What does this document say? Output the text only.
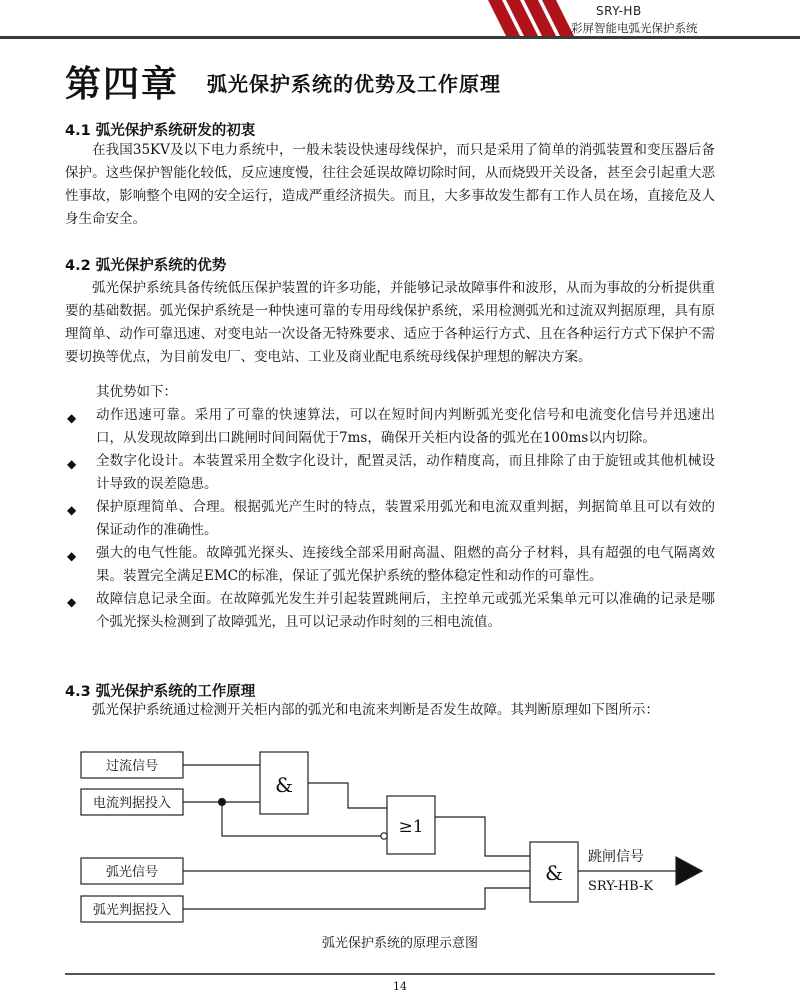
SRY-HB
彩屏智能电弧光保护系统
第四章 弧光保护系统的优势及工作原理
4.1 弧光保护系统研发的初衷

在我国35KV及以下电力系统中，一般未装设快速母线保护，而只是采用了简单的消弧装置和变压器后备保护。这些保护智能化较低，反应速度慢，往往会延误故障切除时间，从而烧毁开关设备，甚至会引起重大恶性事故，影响整个电网的安全运行，造成严重经济损失。而且，大多事故发生都有工作人员在场，直接危及人身生命安全。

4.2 弧光保护系统的优势

弧光保护系统具备传统低压保护装置的许多功能，并能够记录故障事件和波形，从而为事故的分析提供重要的基础数据。弧光保护系统是一种快速可靠的专用母线保护系统，采用检测弧光和过流双判据原理，具有原理简单、动作可靠迅速、对变电站一次设备无特殊要求、适应于各种运行方式、且在各种运行方式下保护不需要切换等优点，为目前发电厂、变电站、工业及商业配电系统母线保护理想的解决方案。

其优势如下：
◆ 动作迅速可靠。采用了可靠的快速算法，可以在短时间内判断弧光变化信号和电流变化信号并迅速出口，从发现故障到出口跳闸时间间隔优于7ms，确保开关柜内设备的弧光在100ms以内切除。
◆ 全数字化设计。本装置采用全数字化设计，配置灵活，动作精度高，而且排除了由于旋钮或其他机械设计导致的误差隐患。
◆ 保护原理简单、合理。根据弧光产生时的特点，装置采用弧光和电流双重判据，判据简单且可以有效的保证动作的准确性。
◆ 强大的电气性能。故障弧光探头、连接线全部采用耐高温、阻燃的高分子材料，具有超强的电气隔离效果。装置完全满足EMC的标准，保证了弧光保护系统的整体稳定性和动作的可靠性。
◆ 故障信息记录全面。在故障弧光发生并引起装置跳闸后，主控单元或弧光采集单元可以准确的记录是哪个弧光探头检测到了故障弧光，且可以记录动作时刻的三相电流值。
4.3 弧光保护系统的工作原理

弧光保护系统通过检测开关柜内部的弧光和电流来判断是否发生故障。其判断原理如下图所示：

过流信号
电流判据投入
弧光信号
弧光判据投入
&
≥1
&
跳闸信号
SRY-HB-K
弧光保护系统的原理示意图
14
